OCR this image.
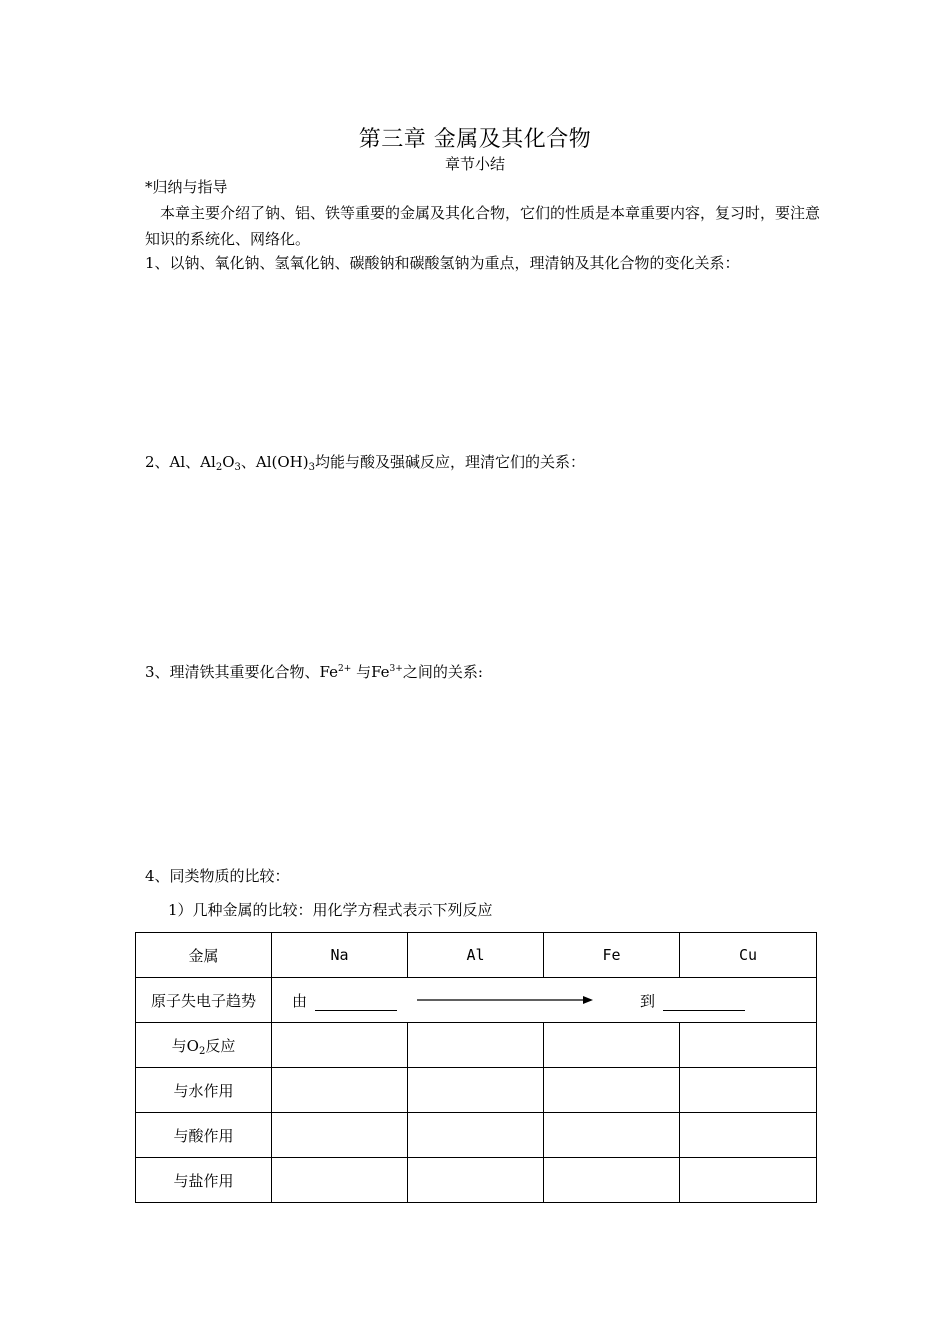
第三章 金属及其化合物
章节小结
*归纳与指导
本章主要介绍了钠、铝、铁等重要的金属及其化合物，它们的性质是本章重要内容，复习时，要注意知识的系统化、网络化。
1、以钠、氧化钠、氢氧化钠、碳酸钠和碳酸氢钠为重点，理清钠及其化合物的变化关系：
2、Al、$Al_2O_3$、$Al(OH)_3$均能与酸及强碱反应，理清它们的关系：
3、理清铁其重要化合物、$Fe^{2+}$ 与$Fe^{3+}$之间的关系:
4、同类物质的比较：
1）几种金属的比较：用化学方程式表示下列反应
金属	Na	Al	Fe	Cu
原子失电子趋势	由 到			

与$O_2$反应				
与水作用				
与酸作用				
与盐作用				
